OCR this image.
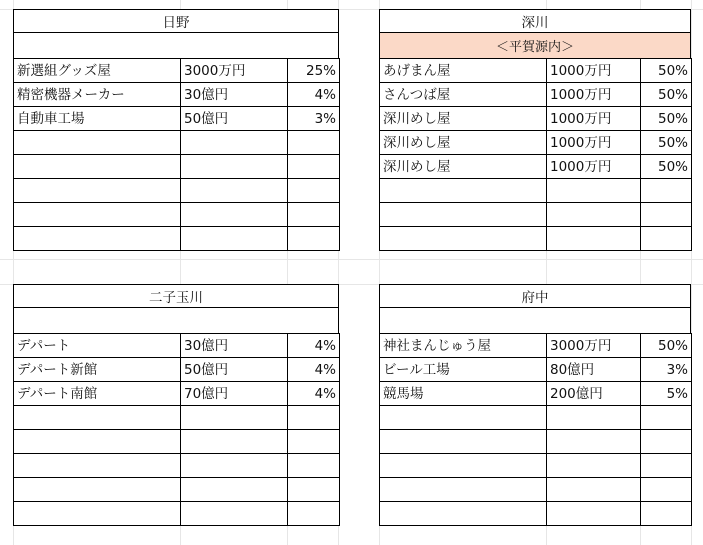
日野
新選組グッズ屋	3000万円	25%
精密機器メーカー	30億円	4%
自動車工場	50億円	3%

深川
＜平賀源内＞
あげまん屋	1000万円	50%
さんつば屋	1000万円	50%
深川めし屋	1000万円	50%
深川めし屋	1000万円	50%
深川めし屋	1000万円	50%

二子玉川
デパート	30億円	4%
デパート新館	50億円	4%
デパート南館	70億円	4%

府中
神社まんじゅう屋	3000万円	50%
ビール工場	80億円	3%
競馬場	200億円	5%
